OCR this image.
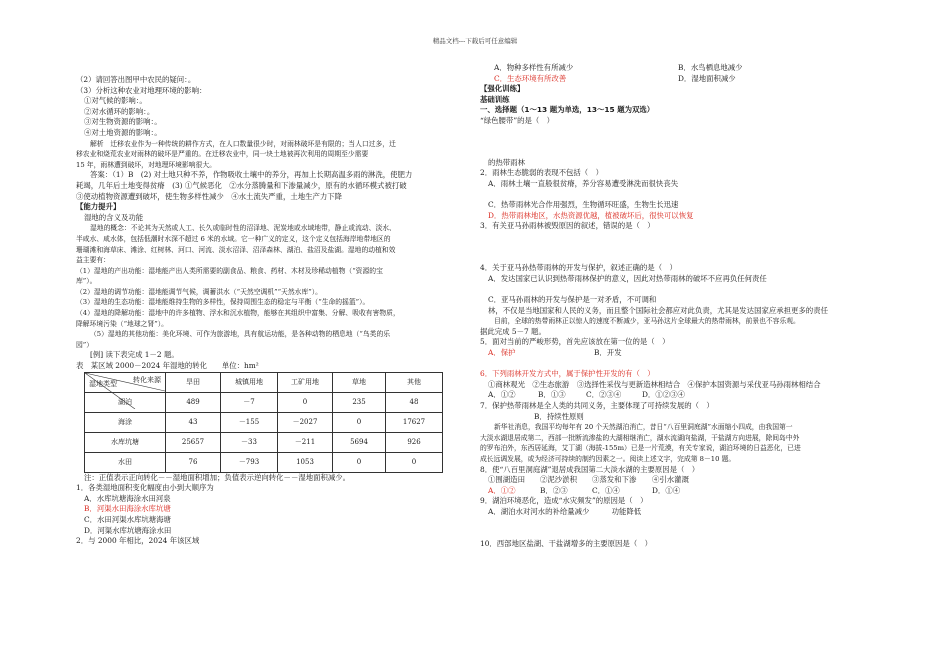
精品文档---下载后可任意编辑

（2）请回答出图甲中农民的疑问：。

（3）分析这种农业对地理环境的影响：

①对气候的影响：。

②对水循环的影响：。

③对生物资源的影响：。

④对土地资源的影响：。

解析　迁移农业作为一种传统的耕作方式，在人口数量很少时，对雨林破坏是有限的；当人口过多，迁

移农业和烧荒农业对雨林的破坏是严重的。在迁移农业中，同一块土地被再次利用的周期至少需要

15 年，雨林遭到破坏，对地理环境影响很大。

答案：（1）B　(2) 对土地只种不养，作物吸收土壤中的养分，再加上长期高温多雨的淋洗，使肥力

耗竭，几年后土地变得贫瘠　(3) ①气候恶化　②水分蒸腾量和下渗量减少，原有的水循环模式被打破

③使动植物资源遭到破坏，使生物多样性减少　④水土流失严重，土地生产力下降

【能力提升】

湿地的含义及功能

湿地的概念：不论其为天然或人工、长久或临时性的沼泽地、泥炭地或水域地带，静止或流动、淡水、

半咸水、咸水体，包括低潮时水深不超过 6 米的水域。它一种广义的定义，这个定义包括海岸地带地区的

珊瑚滩和海草床、滩涂、红树林、河口、河流、淡水沼泽、沼泽森林、湖泊、盐沼及盐湖。湿地的动植和效

益主要有：

（1）湿地的产出功能：湿地能产出人类所需要的副食品、粮食、药材、木材及珍稀动植物（“资源的宝

库”）。

（2）湿地的调节功能：湿地能调节气候，调蓄洪水（“天然空调机”“天然水库”）。

（3）湿地的生态功能：湿地能维持生物的多样性，保持周围生态的稳定与平衡（“生命的摇篮”）。

（4）湿地的降解功能：湿地中的许多植物、浮水和沉水植物，能够在其组织中富集、分解、吸收有害物质，

降解环境污染（“地球之肾”）。

（5）湿地的其他功能：美化环境、可作为旅游地，具有航运功能，是各种动物的栖息地（“鸟类的乐

园”）

[例] 读下表完成 1－2 题。

表　某区域 2000－2024 年湿地的转化　　 单位：hm²

转化来源
湿地类型	旱田	城镇用地	工矿用地	草地	其他
湖泊	489	－7	0	235	48
海涂	43	－155	－2027	0	17627
水库坑塘	25657	－33	－211	5694	926
水田	76	－793	1053	0	0

注：正值表示正向转化－－湿地面积增加；负值表示逆向转化－－湿地面积减少。

1．各类湿地面积变化幅度由小到大顺序为

A．水库坑塘海涂水田河泉

B．河渠水田海涂水库坑塘

C．水田河渠水库坑塘海塘

D．河渠水库坑塘海涂水田

2．与 2000 年相比，2024 年该区域

A．物种多样性有所减少	B．水鸟栖息地减少
C．生态环境有所改善	D．湿地面积减少

【强化训练】

基础训练

一、选择题（1～13 题为单选，13～15 题为双选）

“绿色腰带”的是（　）

的热带雨林

2．雨林生态脆弱的表现不包括（　）

A．雨林土壤一直般很贫瘠，养分容易遭受淋洗而很快丧失

C．热带雨林光合作用强烈，生物循环旺盛，生物生长迅速

D．热带雨林地区，水热资源优越，植被破坏后，很快可以恢复

3．有关亚马孙雨林被毁原因的叙述，错误的是（　）

4．关于亚马孙热带雨林的开发与保护，叙述正确的是（　）

A．发达国家已认识到热带雨林保护的意义，因此对热带雨林的破坏不应再负任何责任

C．亚马孙雨林的开发与保护是一对矛盾，不可调和

林，不仅是当地国家和人民的义务，而且整个国际社会都应对此负责，尤其是发达国家应承担更多的责任

目前，全球的热带雨林正以惊人的速度不断减少，亚马孙这片全球最大的热带雨林，前景也不容乐观。

据此完成 5－7 题。

5．面对当前的严峻形势，首先应该放在第一位的是（　）

A．保护	B．开发

6．下列雨林开发方式中，属于保护性开发的有（　）

①商林观光　②生态旅游　③选择性采伐与更新造林相结合　④保护本国资源与采伐亚马孙雨林相结合

A．①②	B．①③	C．②③④	D．①②③④

7．保护热带雨林是全人类的共同义务，主要体现了可持续发展的（　）

B．持续性原则

新华社消息，我国平均每年有 20 个天然湖泊消亡，昔日“八百里洞庭湖”水面缩小四成，由我国第一

大淡水湖退居成第二，西部一批断流渗盐的大湖相继消亡，湖水流湖向盐湖，干盐湖方向进展，除间岛中外

的罗布泊外，东西居延海，艾丁湖（海拔-155m）已是一片荒漠，有关专家说，湖泊环境的日益恶化，已进

成长远调发展，或为经济可持续的制约因素之一。阅读上述文字，完成第 8－10 题。

8．使“八百里洞庭湖”退居成我国第二大淡水湖的主要原因是（　）

①围湖造田	②泥沙淤积	③蒸发和下渗	④引水灌溉
A．①②	B．②③	C．①④	D．①④

9．湖泊环境恶化，造成“水灾频发”的原因是（　）

A．湖泊水对河水的补给量减少　　　功能降低

10．西部地区盐湖、干盐湖增多的主要原因是（　）
